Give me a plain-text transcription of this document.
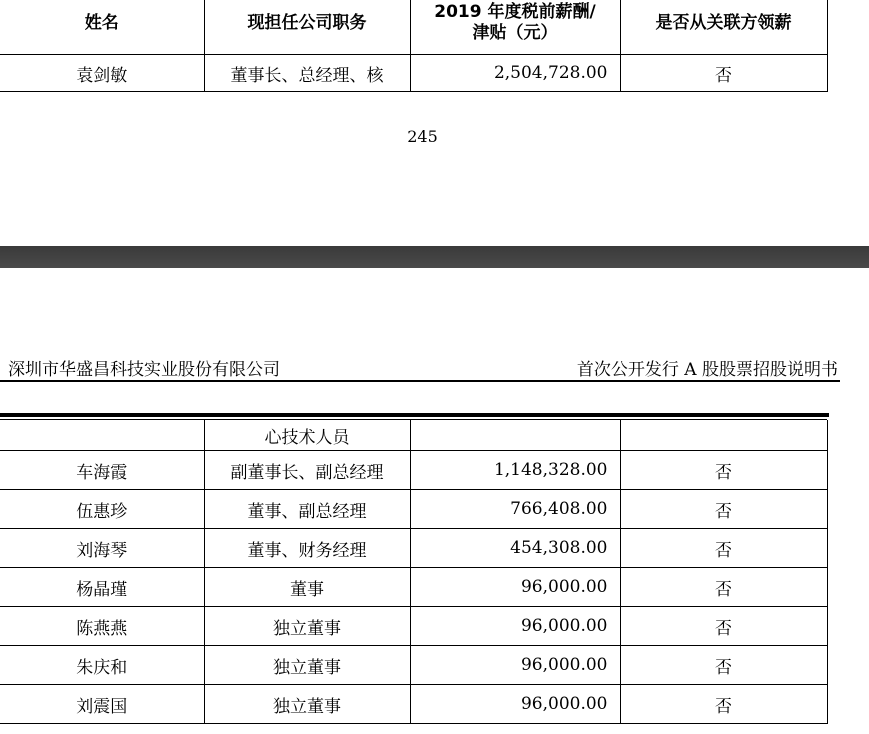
姓名	现担任公司职务	2019 年度税前薪酬/
津贴（元）	是否从关联方领薪
袁剑敏	董事长、总经理、核	2,504,728.00	否
245
深圳市华盛昌科技实业股份有限公司	首次公开发行 A 股股票招股说明书
	心技术人员		
车海霞	副董事长、副总经理	1,148,328.00	否
伍惠珍	董事、副总经理	766,408.00	否
刘海琴	董事、财务经理	454,308.00	否
杨晶瑾	董事	96,000.00	否
陈燕燕	独立董事	96,000.00	否
朱庆和	独立董事	96,000.00	否
刘震国	独立董事	96,000.00	否
